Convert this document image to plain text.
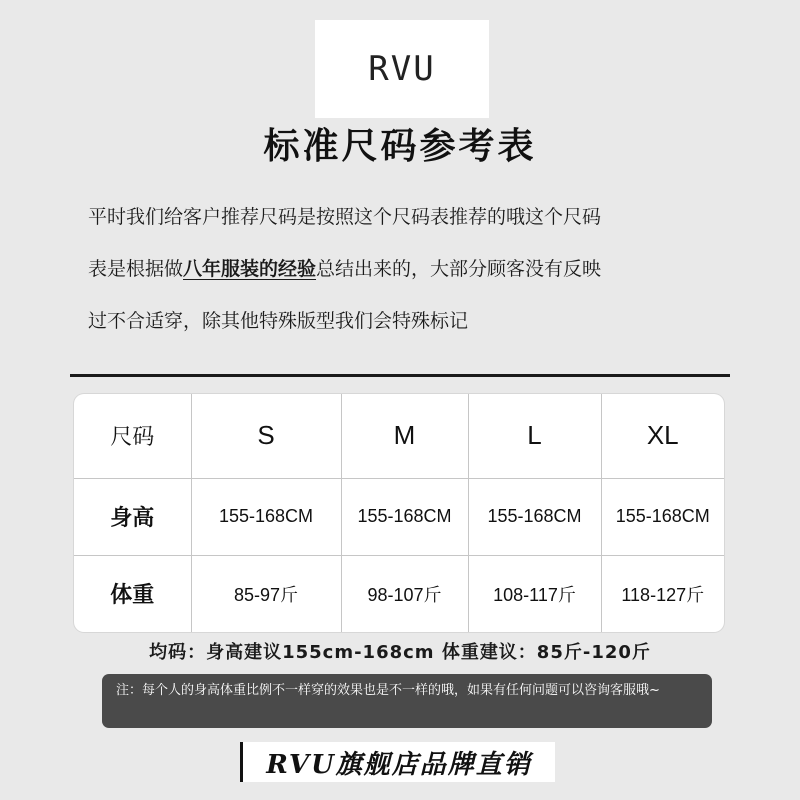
RVU
标准尺码参考表
平时我们给客户推荐尺码是按照这个尺码表推荐的哦这个尺码
表是根据做八年服装的经验总结出来的，大部分顾客没有反映
过不合适穿，除其他特殊版型我们会特殊标记
尺码	S	M	L	XL
身高	155-168CM	155-168CM	155-168CM	155-168CM
体重	85-97斤	98-107斤	108-117斤	118-127斤
均码：身高建议155cm-168cm 体重建议：85斤-120斤
注：每个人的身高体重比例不一样穿的效果也是不一样的哦，如果有任何问题可以咨询客服哦~
RVU旗舰店品牌直销
